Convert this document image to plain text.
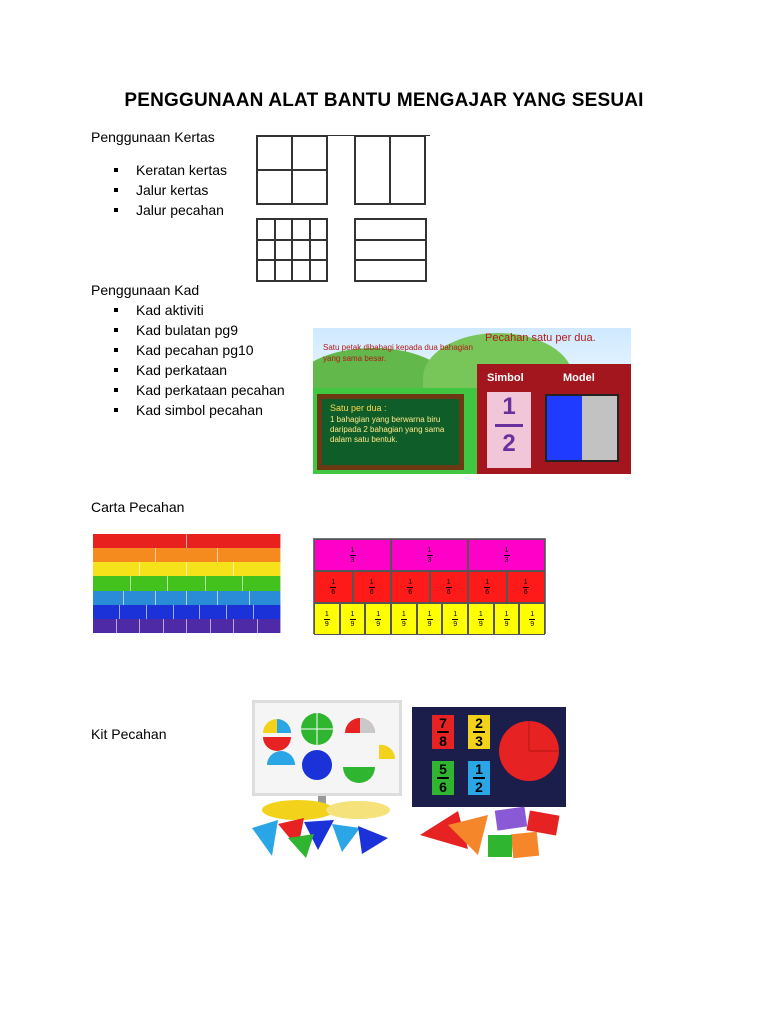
PENGGUNAAN ALAT BANTU MENGAJAR YANG SESUAI
Penggunaan Kertas
Keratan kertas
Jalur kertas
Jalur pecahan
Penggunaan Kad
Kad aktiviti
Kad bulatan pg9
Kad pecahan pg10
Kad perkataan
Kad perkataan pecahan
Kad simbol pecahan
Satu petak dibahagi kepada dua bahagian yang sama besar.
Pecahan satu per dua.
Satu per dua :
1 bahagian yang berwarna biru daripada 2 bahagian yang sama dalam satu bentuk.
Simbol	Model
1
2
Carta Pecahan
1
3
1
3
1
3
1
6
1
6
1
6
1
6
1
6
1
6
1
9
1
9
1
9
1
9
1
9
1
9
1
9
1
9
1
9
Kit Pecahan
7
8
2
3
5
6
1
2
